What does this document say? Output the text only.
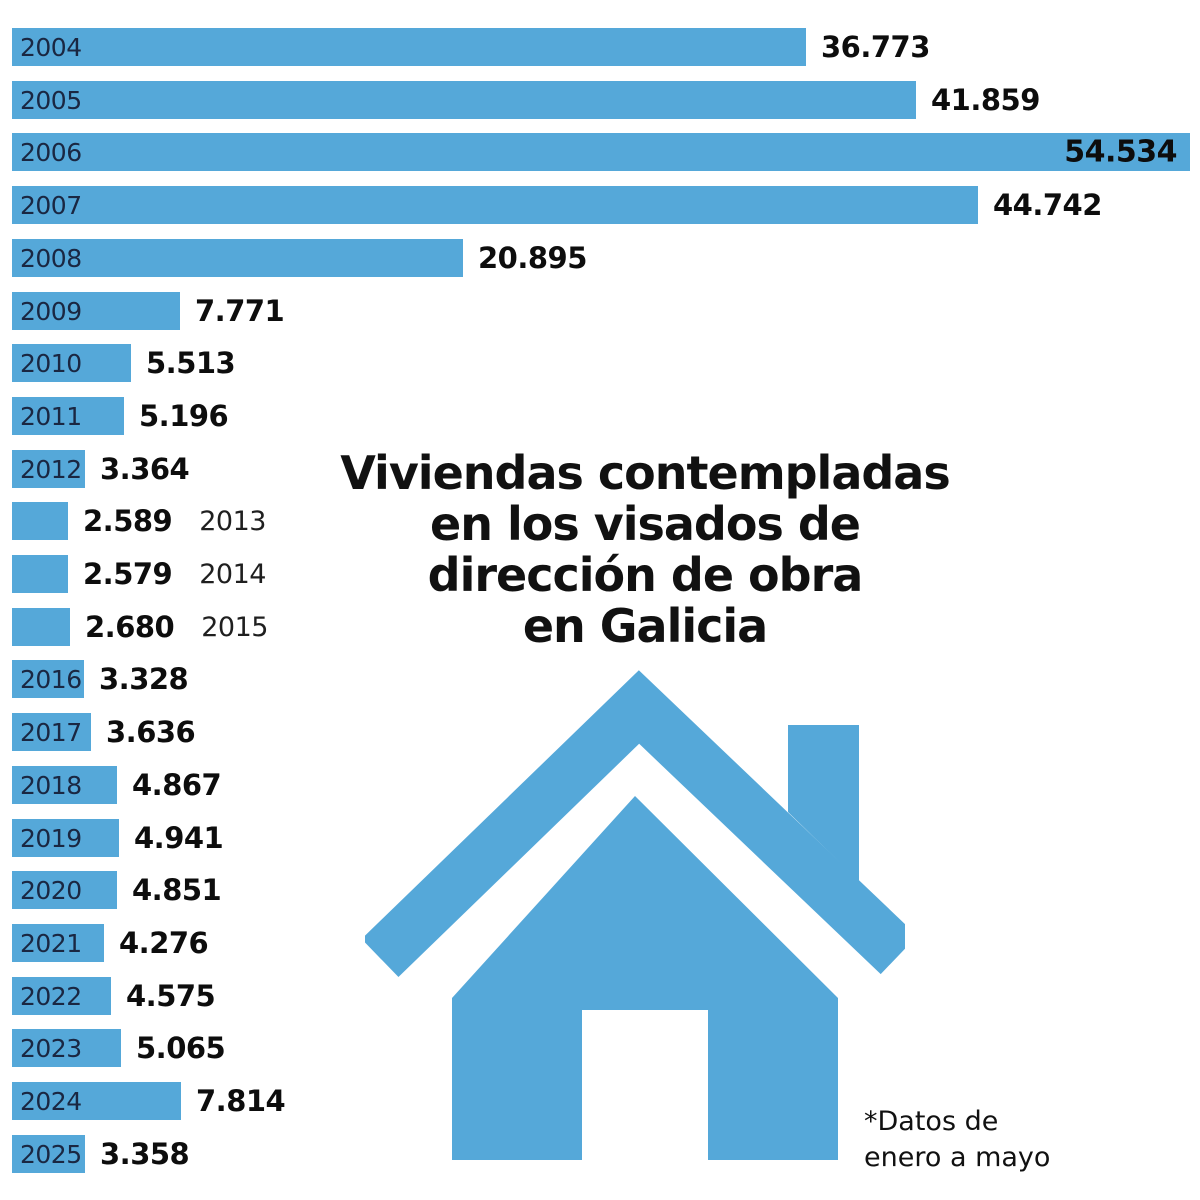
2004	36.773
2005	41.859
2006	54.534
2007	44.742
2008	20.895
2009	7.771
2010 5.513
2011 5.196
2012 3.364
2.589 2013
2.579 2014
2.680 2015
2016 3.328
2017 3.636
2018 4.867
2019 4.941
2020 4.851
2021 4.276
2022 4.575
2023 5.065
2024	7.814
2025 3.358
Viviendas contempladas
en los visados de
dirección de obra
en Galicia
*Datos de
enero a mayo
